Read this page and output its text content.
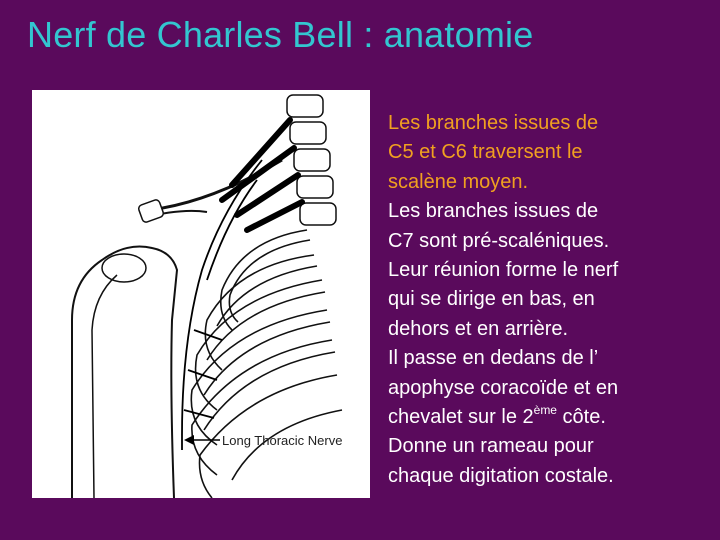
Nerf de Charles Bell : anatomie
Long Thoracic Nerve
Les branches issues de
C5 et C6 traversent le
scalène moyen.
Les branches issues de
C7 sont pré-scaléniques.
Leur réunion forme le nerf
qui se dirige en bas, en
dehors et en arrière.
Il passe en dedans de l’
apophyse coracoïde et en
chevalet sur le 2ème côte.
Donne un rameau pour
chaque digitation costale.
